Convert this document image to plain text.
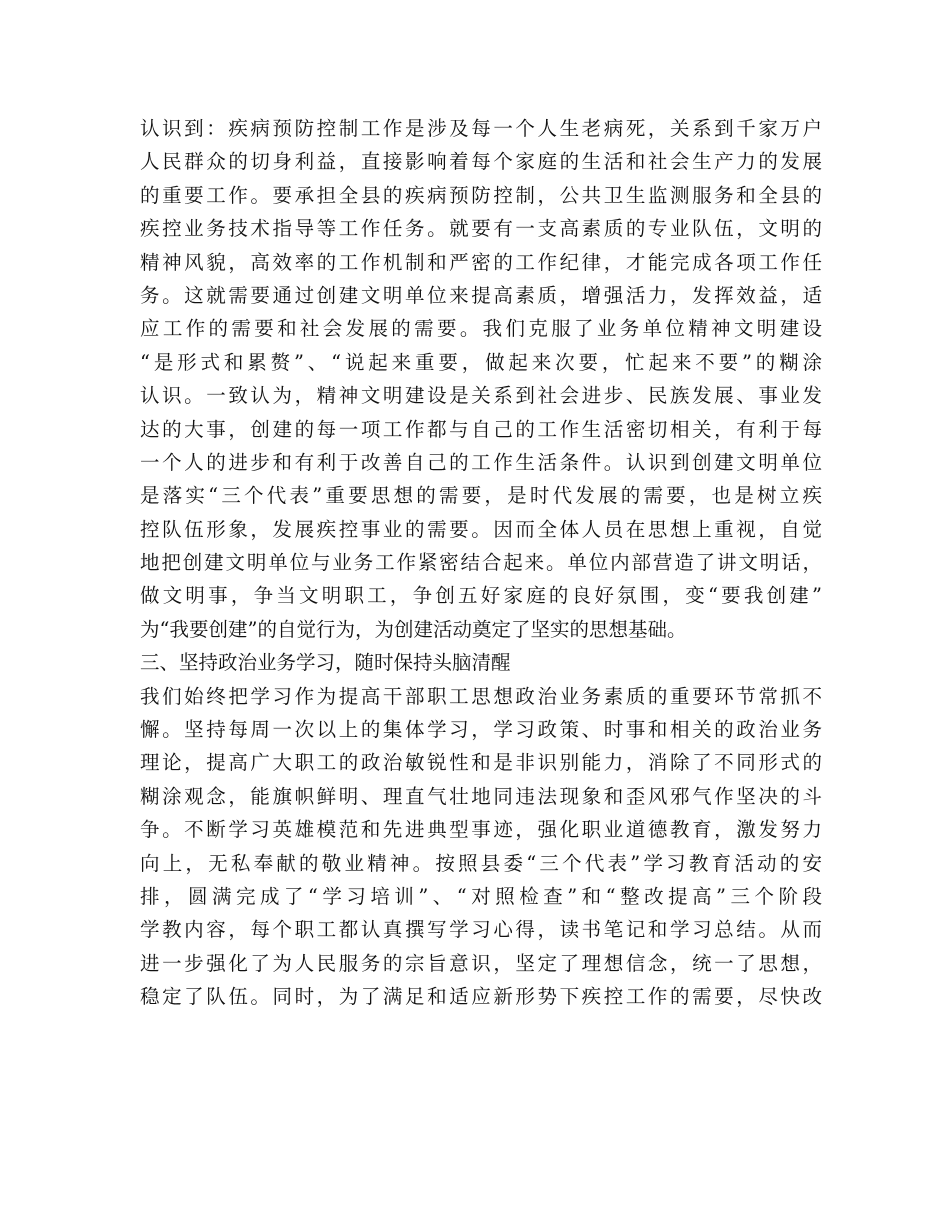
认识到：疾病预防控制工作是涉及每一个人生老病死，关系到千家万户
人民群众的切身利益，直接影响着每个家庭的生活和社会生产力的发展
的重要工作。要承担全县的疾病预防控制，公共卫生监测服务和全县的
疾控业务技术指导等工作任务。就要有一支高素质的专业队伍，文明的
精神风貌，高效率的工作机制和严密的工作纪律，才能完成各项工作任
务。这就需要通过创建文明单位来提高素质，增强活力，发挥效益，适
应工作的需要和社会发展的需要。我们克服了业务单位精神文明建设
“是形式和累赘”、“说起来重要，做起来次要，忙起来不要”的糊涂
认识。一致认为，精神文明建设是关系到社会进步、民族发展、事业发
达的大事，创建的每一项工作都与自己的工作生活密切相关，有利于每
一个人的进步和有利于改善自己的工作生活条件。认识到创建文明单位
是落实“三个代表”重要思想的需要，是时代发展的需要，也是树立疾
控队伍形象，发展疾控事业的需要。因而全体人员在思想上重视，自觉
地把创建文明单位与业务工作紧密结合起来。单位内部营造了讲文明话，
做文明事，争当文明职工，争创五好家庭的良好氛围，变“要我创建”
为“我要创建”的自觉行为，为创建活动奠定了坚实的思想基础。
三、坚持政治业务学习，随时保持头脑清醒
我们始终把学习作为提高干部职工思想政治业务素质的重要环节常抓不
懈。坚持每周一次以上的集体学习，学习政策、时事和相关的政治业务
理论，提高广大职工的政治敏锐性和是非识别能力，消除了不同形式的
糊涂观念，能旗帜鲜明、理直气壮地同违法现象和歪风邪气作坚决的斗
争。不断学习英雄模范和先进典型事迹，强化职业道德教育，激发努力
向上，无私奉献的敬业精神。按照县委“三个代表”学习教育活动的安
排，圆满完成了“学习培训”、“对照检查”和“整改提高”三个阶段
学教内容，每个职工都认真撰写学习心得，读书笔记和学习总结。从而
进一步强化了为人民服务的宗旨意识，坚定了理想信念，统一了思想，
稳定了队伍。同时，为了满足和适应新形势下疾控工作的需要，尽快改
